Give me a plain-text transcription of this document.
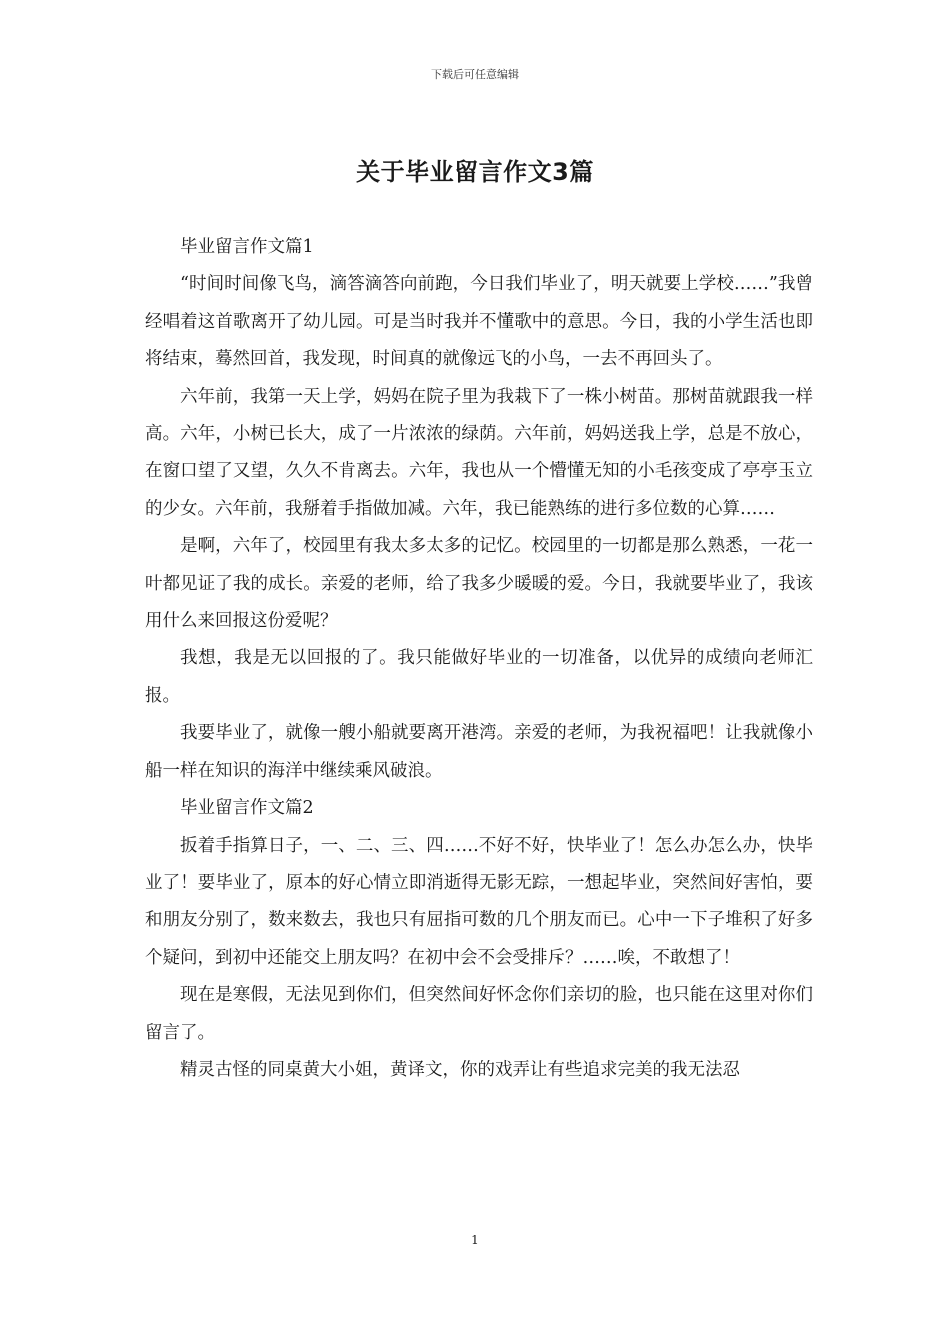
下载后可任意编辑
关于毕业留言作文3篇

毕业留言作文篇1

“时间时间像飞鸟，滴答滴答向前跑，今日我们毕业了，明天就要上学校……”我曾经唱着这首歌离开了幼儿园。可是当时我并不懂歌中的意思。今日，我的小学生活也即将结束，蓦然回首，我发现，时间真的就像远飞的小鸟，一去不再回头了。

六年前，我第一天上学，妈妈在院子里为我栽下了一株小树苗。那树苗就跟我一样高。六年，小树已长大，成了一片浓浓的绿荫。六年前，妈妈送我上学，总是不放心，在窗口望了又望，久久不肯离去。六年，我也从一个懵懂无知的小毛孩变成了亭亭玉立的少女。六年前，我掰着手指做加减。六年，我已能熟练的进行多位数的心算……

是啊，六年了，校园里有我太多太多的记忆。校园里的一切都是那么熟悉，一花一叶都见证了我的成长。亲爱的老师，给了我多少暖暖的爱。今日，我就要毕业了，我该用什么来回报这份爱呢？

我想，我是无以回报的了。我只能做好毕业的一切准备，以优异的成绩向老师汇报。

我要毕业了，就像一艘小船就要离开港湾。亲爱的老师，为我祝福吧！让我就像小船一样在知识的海洋中继续乘风破浪。

毕业留言作文篇2

扳着手指算日子，一、二、三、四……不好不好，快毕业了！怎么办怎么办，快毕业了！要毕业了，原本的好心情立即消逝得无影无踪，一想起毕业，突然间好害怕，要和朋友分别了，数来数去，我也只有屈指可数的几个朋友而已。心中一下子堆积了好多个疑问，到初中还能交上朋友吗？在初中会不会受排斥？……唉，不敢想了！

现在是寒假，无法见到你们，但突然间好怀念你们亲切的脸，也只能在这里对你们留言了。

精灵古怪的同桌黄大小姐，黄译文，你的戏弄让有些追求完美的我无法忍

1
